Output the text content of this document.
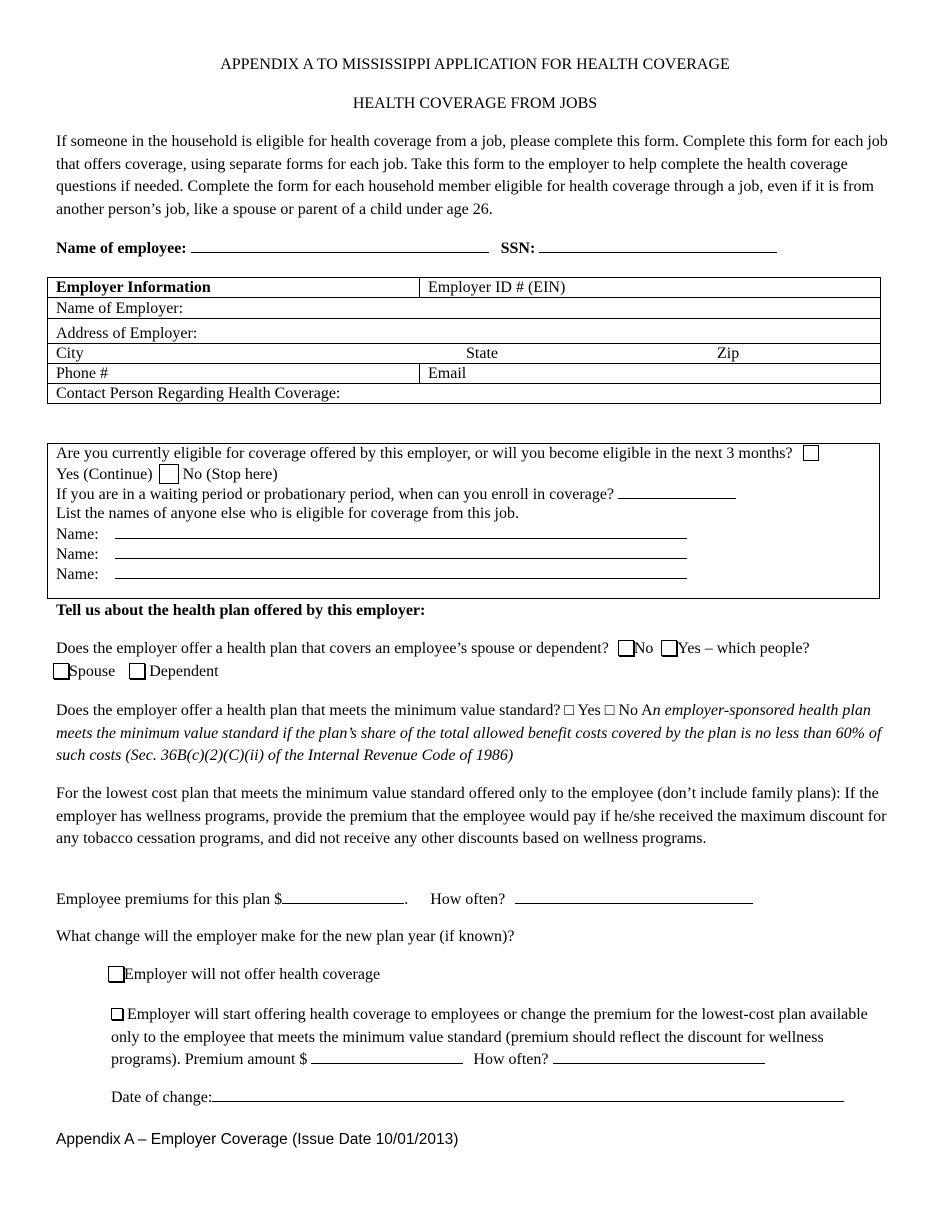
APPENDIX A TO MISSISSIPPI APPLICATION FOR HEALTH COVERAGE
HEALTH COVERAGE FROM JOBS
If someone in the household is eligible for health coverage from a job, please complete this form. Complete this form for each job that offers coverage, using separate forms for each job. Take this form to the employer to help complete the health coverage questions if needed. Complete the form for each household member eligible for health coverage through a job, even if it is from another person’s job, like a spouse or parent of a child under age 26.
Name of employee:	SSN:
Employer Information	Employer ID # (EIN)
Name of Employer:	
Address of Employer:	
City State Zip	

Phone #	Email
Contact Person Regarding Health Coverage:	
Are you currently eligible for coverage offered by this employer, or will you become eligible in the next 3 months?
Yes (Continue) No (Stop here)
If you are in a waiting period or probationary period, when can you enroll in coverage?
List the names of anyone else who is eligible for coverage from this job.
Name:
Name:
Name:
Tell us about the health plan offered by this employer:
Does the employer offer a health plan that covers an employee’s spouse or dependent? No Yes – which people?
Spouse Dependent
Does the employer offer a health plan that meets the minimum value standard? □ Yes □ No An employer-sponsored health plan meets the minimum value standard if the plan’s share of the total allowed benefit costs covered by the plan is no less than 60% of such costs (Sec. 36B(c)(2)(C)(ii) of the Internal Revenue Code of 1986)
For the lowest cost plan that meets the minimum value standard offered only to the employee (don’t include family plans): If the employer has wellness programs, provide the premium that the employee would pay if he/she received the maximum discount for any tobacco cessation programs, and did not receive any other discounts based on wellness programs.
Employee premiums for this plan $	. How often?
What change will the employer make for the new plan year (if known)?
Employer will not offer health coverage
Employer will start offering health coverage to employees or change the premium for the lowest-cost plan available only to the employee that meets the minimum value standard (premium should reflect the discount for wellness programs). Premium amount $	How often?
Date of change:
Appendix A – Employer Coverage (Issue Date 10/01/2013)
